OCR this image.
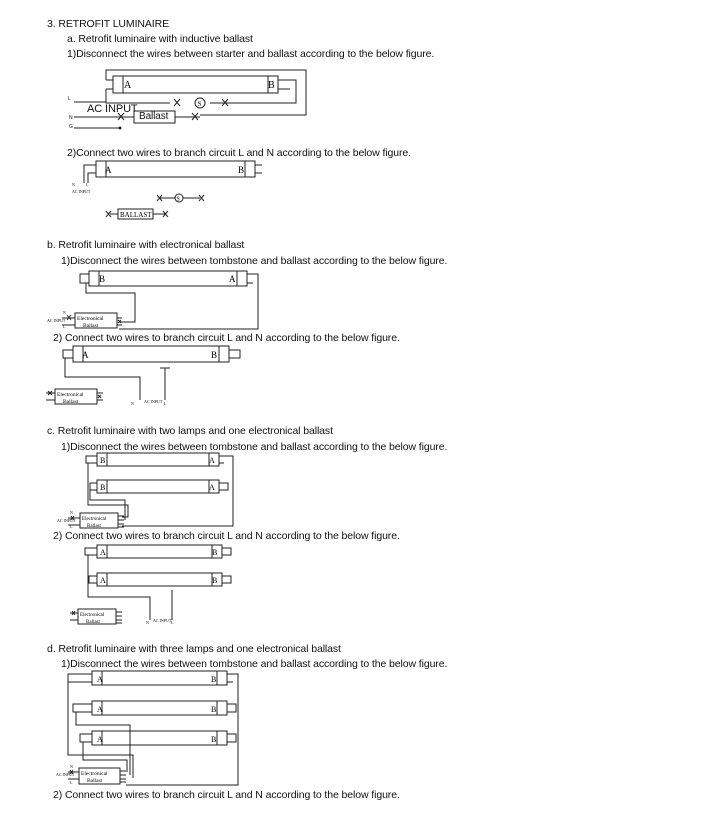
3. RETROFIT LUMINAIRE
a. Retrofit luminaire with inductive ballast
1)Disconnect the wires between starter and ballast according to the below figure.
2)Connect two wires to branch circuit L and N according to the below figure.
b. Retrofit luminaire with electronical ballast
1)Disconnect the wires between tombstone and ballast according to the below figure.
2) Connect two wires to branch circuit L and N according to the below figure.
c. Retrofit luminaire with two lamps and one electronical ballast
1)Disconnect the wires between tombstone and ballast according to the below figure.
2) Connect two wires to branch circuit L and N according to the below figure.
d. Retrofit luminaire with three lamps and one electronical ballast
1)Disconnect the wires between tombstone and ballast according to the below figure.
2) Connect two wires to branch circuit L and N according to the below figure.
A	B
S
L
AC INPUT
N
G
Ballast
A	B
S
BALLAST
N	L
AC INPUT
B	A
Electronical
Ballast
AC INPUT
N
L
A	B
Electronical
Ballast	N	AC INPUT L
B	A
B	A
Electronical
Ballast
AC INPUT
N
L
A	B
A	B
Electronical
Ballast	N AC INPUT L
A	B
A	B
A	B
Electronical
Ballast
AC INPUT
N
L
